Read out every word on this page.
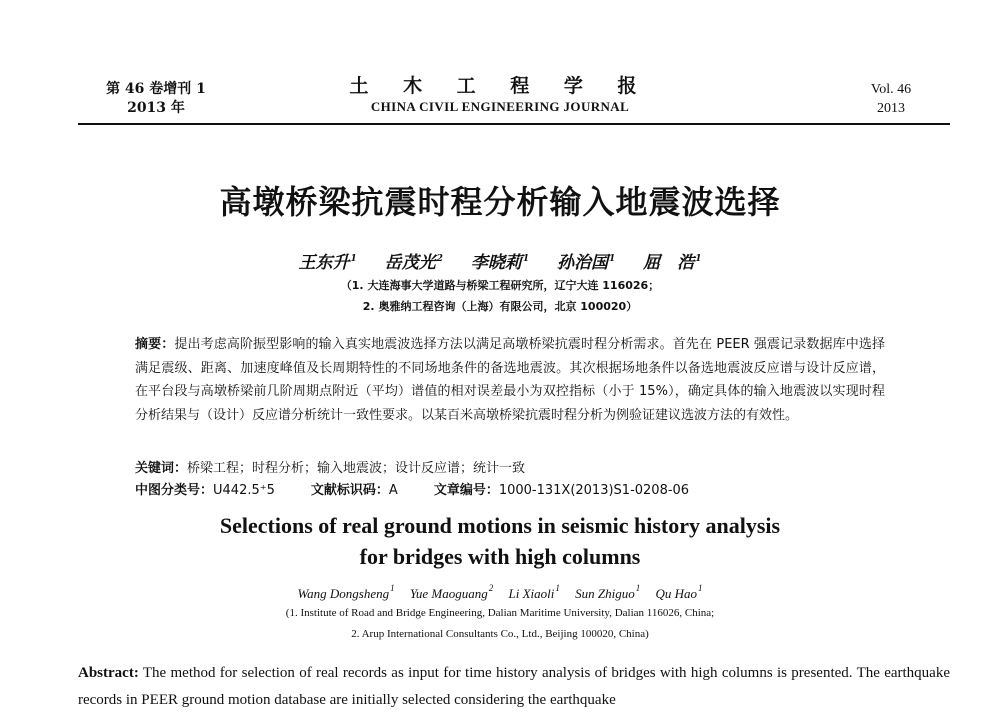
第 46 卷增刊 1
2013 年
土 木 工 程 学 报
CHINA CIVIL ENGINEERING JOURNAL
Vol. 46
2013
高墩桥梁抗震时程分析输入地震波选择
王东升$^1$ 岳茂光$^2$ 李晓莉$^1$ 孙治国$^1$ 屈　浩$^1$
（1. 大连海事大学道路与桥梁工程研究所，辽宁大连 116026；
2. 奥雅纳工程咨询（上海）有限公司，北京 100020）
摘要：提出考虑高阶振型影响的输入真实地震波选择方法以满足高墩桥梁抗震时程分析需求。首先在 PEER 强震记录数据库中选择满足震级、距离、加速度峰值及长周期特性的不同场地条件的备选地震波。其次根据场地条件以备选地震波反应谱与设计反应谱，在平台段与高墩桥梁前几阶周期点附近（平均）谱值的相对误差最小为双控指标（小于 15%），确定具体的输入地震波以实现时程分析结果与（设计）反应谱分析统计一致性要求。以某百米高墩桥梁抗震时程分析为例验证建议选波方法的有效性。
关键词：桥梁工程；时程分析；输入地震波；设计反应谱；统计一致
中图分类号：U442.5⁺5	文献标识码：A	文章编号：1000-131X(2013)S1-0208-06
Selections of real ground motions in seismic history analysis
for bridges with high columns
Wang Dongsheng$^1$ Yue Maoguang$^2$ Li Xiaoli$^1$ Sun Zhiguo$^1$ Qu Hao$^1$
(1. Institute of Road and Bridge Engineering, Dalian Maritime University, Dalian 116026, China;
2. Arup International Consultants Co., Ltd., Beijing 100020, China)
Abstract: The method for selection of real records as input for time history analysis of bridges with high columns is presented. The earthquake records in PEER ground motion database are initially selected considering the earthquake
